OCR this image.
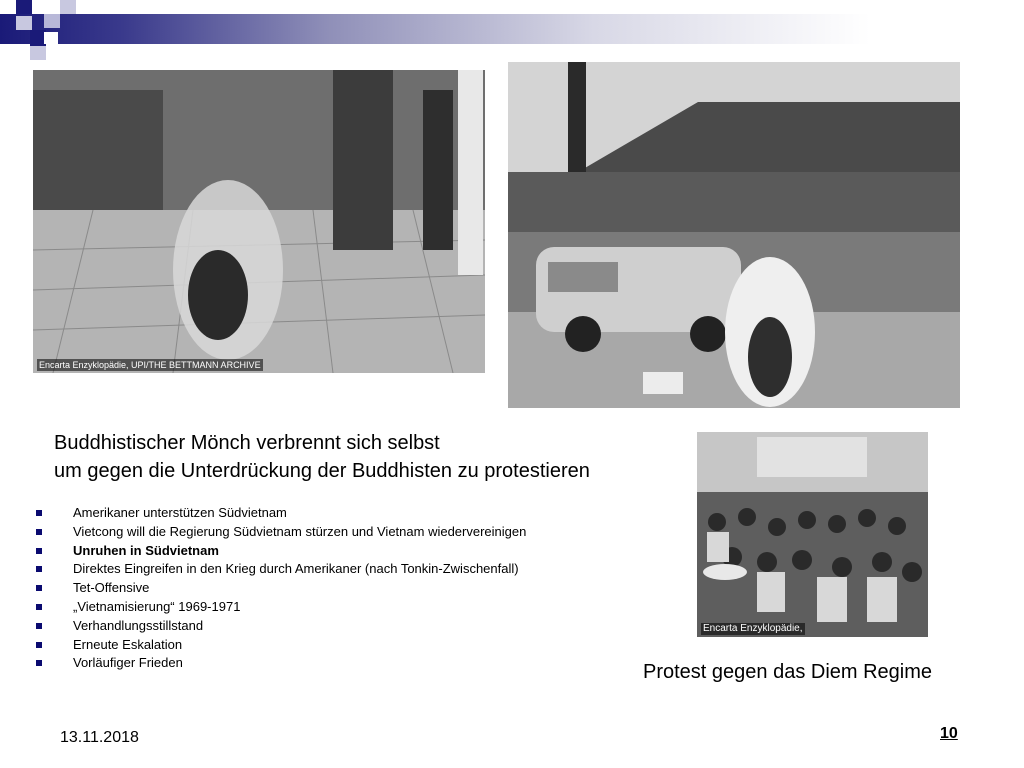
Encarta Enzyklopädie, UPI/THE BETTMANN ARCHIVE
Encarta Enzyklopädie,
Buddhistischer Mönch verbrennt sich selbst
um gegen die Unterdrückung der Buddhisten zu protestieren
Amerikaner unterstützen Südvietnam
Vietcong will die Regierung Südvietnam stürzen und Vietnam wiedervereinigen
Unruhen in Südvietnam
Direktes Eingreifen in den Krieg durch Amerikaner (nach Tonkin-Zwischenfall)
Tet-Offensive
„Vietnamisierung“ 1969-1971
Verhandlungsstillstand
Erneute Eskalation
Vorläufiger Frieden	Protest gegen das Diem Regime
13.11.2018	10
